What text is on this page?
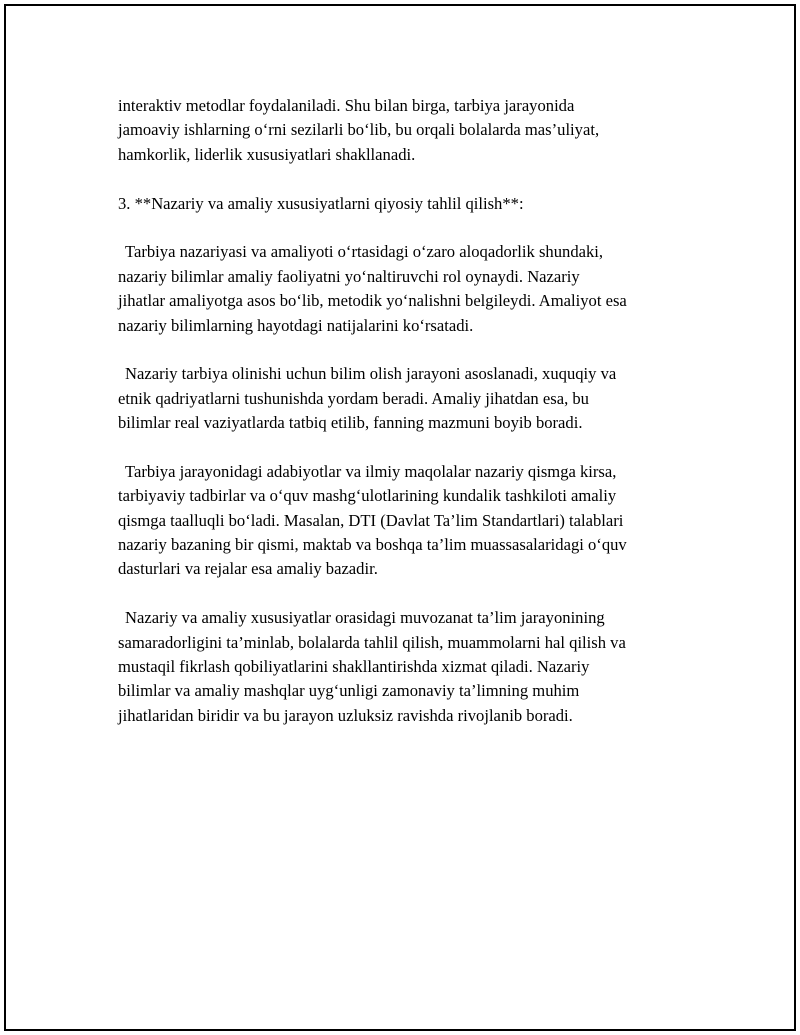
interaktiv metodlar foydalaniladi. Shu bilan birga, tarbiya jarayonida
jamoaviy ishlarning o‘rni sezilarli bo‘lib, bu orqali bolalarda mas’uliyat,
hamkorlik, liderlik xususiyatlari shakllanadi.
3. **Nazariy va amaliy xususiyatlarni qiyosiy tahlil qilish**:
Tarbiya nazariyasi va amaliyoti o‘rtasidagi o‘zaro aloqadorlik shundaki,
nazariy bilimlar amaliy faoliyatni yo‘naltiruvchi rol oynaydi. Nazariy
jihatlar amaliyotga asos bo‘lib, metodik yo‘nalishni belgileydi. Amaliyot esa
nazariy bilimlarning hayotdagi natijalarini ko‘rsatadi.
Nazariy tarbiya olinishi uchun bilim olish jarayoni asoslanadi, xuquqiy va
etnik qadriyatlarni tushunishda yordam beradi. Amaliy jihatdan esa, bu
bilimlar real vaziyatlarda tatbiq etilib, fanning mazmuni boyib boradi.
Tarbiya jarayonidagi adabiyotlar va ilmiy maqolalar nazariy qismga kirsa,
tarbiyaviy tadbirlar va o‘quv mashg‘ulotlarining kundalik tashkiloti amaliy
qismga taalluqli bo‘ladi. Masalan, DTI (Davlat Ta’lim Standartlari) talablari
nazariy bazaning bir qismi, maktab va boshqa ta’lim muassasalaridagi o‘quv
dasturlari va rejalar esa amaliy bazadir.
Nazariy va amaliy xususiyatlar orasidagi muvozanat ta’lim jarayonining
samaradorligini ta’minlab, bolalarda tahlil qilish, muammolarni hal qilish va
mustaqil fikrlash qobiliyatlarini shakllantirishda xizmat qiladi. Nazariy
bilimlar va amaliy mashqlar uyg‘unligi zamonaviy ta’limning muhim
jihatlaridan biridir va bu jarayon uzluksiz ravishda rivojlanib boradi.
